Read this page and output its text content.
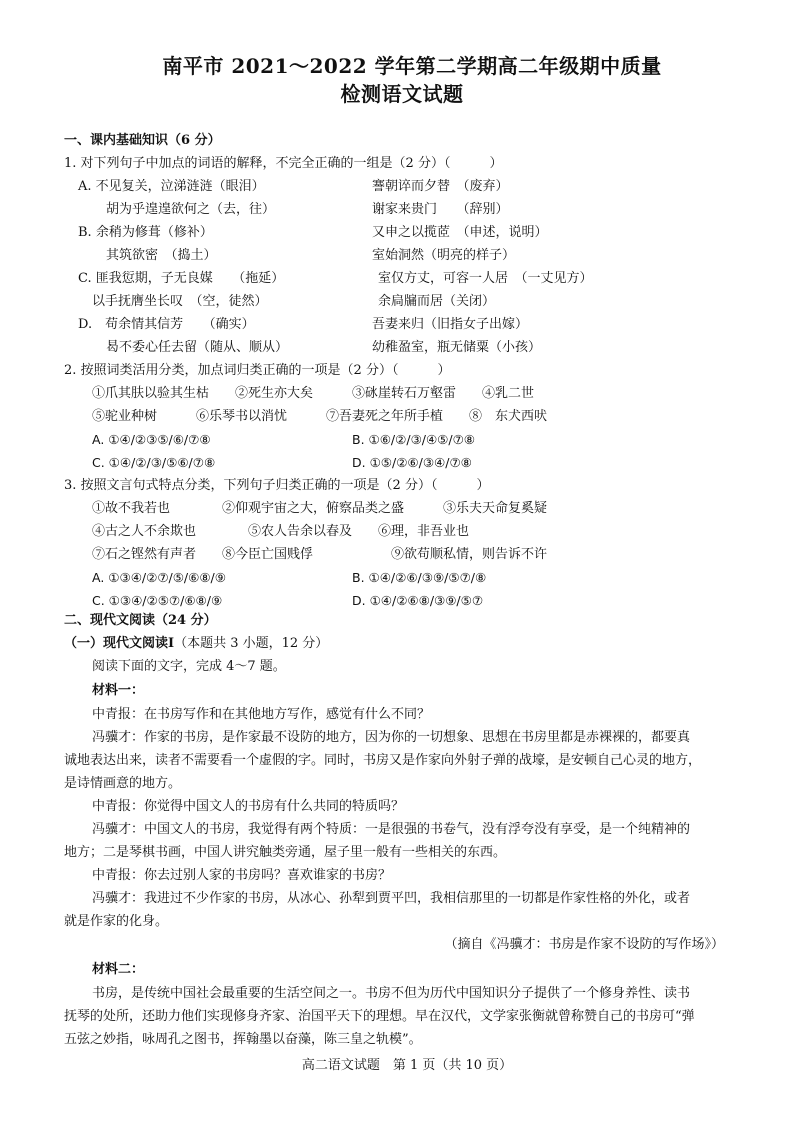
南平市 2021～2022 学年第二学期高二年级期中质量
检测语文试题
一、课内基础知识（6 分）
1. 对下列句子中加点的词语的解释，不完全正确的一组是（2 分）（　　　）
A. 不见复关，泣涕涟涟（眼泪）	謇朝谇而夕替　（废弃）
胡为乎遑遑欲何之（去，往）	谢家来贵门　　（辞别）
B. 余稍为修葺（修补）	又申之以揽茝　（申述，说明）
其筑欲密　（捣土）	室始洞然（明亮的样子）
C. 匪我愆期，子无良媒　　（拖延）	室仅方丈，可容一人居　（一丈见方）
以手抚膺坐长叹　（空，徒然）	余扃牖而居（关闭）
D.　苟余情其信芳　　（确实）	吾妻来归（旧指女子出嫁）
曷不委心任去留（随从、顺从）	幼稚盈室，瓶无储粟（小孩）
2. 按照词类活用分类，加点词归类正确的一项是（2 分）（　　　）
①爪其肤以验其生枯　　②死生亦大矣　　　③砯崖转石万壑雷　　④乳二世
⑤驼业种树　　　⑥乐琴书以消忧　　　⑦吾妻死之年所手植　　⑧　东犬西吠
A. ①④/②③⑤/⑥/⑦⑧	B. ①⑥/②/③/④⑤/⑦⑧
C. ①④/②/③/⑤⑥/⑦⑧	D. ①⑤/②⑥/③④/⑦⑧
3. 按照文言句式特点分类，下列句子归类正确的一项是（2 分）（　　　）
①故不我若也　　　　②仰观宇宙之大，俯察品类之盛　　　③乐夫天命复奚疑
④古之人不余欺也　　　　⑤农人告余以春及　　⑥理，非吾业也
⑦石之铿然有声者　　⑧今臣亡国贱俘　　　　　　⑨欲苟顺私情，则告诉不许
A. ①③④/②⑦/⑤/⑥⑧/⑨	B. ①④/②⑥/③⑨/⑤⑦/⑧
C. ①③④/②⑤⑦/⑥⑧/⑨	D. ①④/②⑥⑧/③⑨/⑤⑦
二、现代文阅读（24 分）
（一）现代文阅读Ⅰ（本题共 3 小题，12 分）
阅读下面的文字，完成 4～7 题。
材料一：
中青报：在书房写作和在其他地方写作，感觉有什么不同？
冯骥才：作家的书房，是作家最不设防的地方，因为你的一切想象、思想在书房里都是赤裸裸的，都要真
诚地表达出来，读者不需要看一个虚假的字。同时，书房又是作家向外射子弹的战壕，是安顿自己心灵的地方，
是诗情画意的地方。
中青报：你觉得中国文人的书房有什么共同的特质吗？
冯骥才：中国文人的书房，我觉得有两个特质：一是很强的书卷气，没有浮夸没有享受，是一个纯精神的
地方；二是琴棋书画，中国人讲究触类旁通，屋子里一般有一些相关的东西。
中青报：你去过别人家的书房吗？喜欢谁家的书房？
冯骥才：我进过不少作家的书房，从冰心、孙犁到贾平凹，我相信那里的一切都是作家性格的外化，或者
就是作家的化身。
（摘自《冯骥才：书房是作家不设防的写作场》）
材料二：
书房，是传统中国社会最重要的生活空间之一。书房不但为历代中国知识分子提供了一个修身养性、读书
抚琴的处所，还助力他们实现修身齐家、治国平天下的理想。早在汉代，文学家张衡就曾称赞自己的书房可“弹
五弦之妙指，咏周孔之图书，挥翰墨以奋藻，陈三皇之轨模”。
高二语文试题　第 1 页（共 10 页）
